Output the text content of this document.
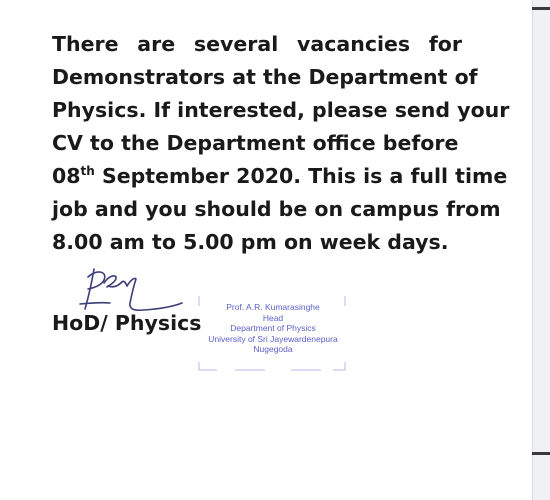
There are several vacancies for
Demonstrators at the Department of
Physics. If interested, please send your
CV to the Department office before
08th September 2020. This is a full time
job and you should be on campus from
8.00 am to 5.00 pm on week days.

HoD/ Physics
Prof. A.R. Kumarasinghe
Head
Department of Physics
University of Sri Jayewardenepura
Nugegoda
